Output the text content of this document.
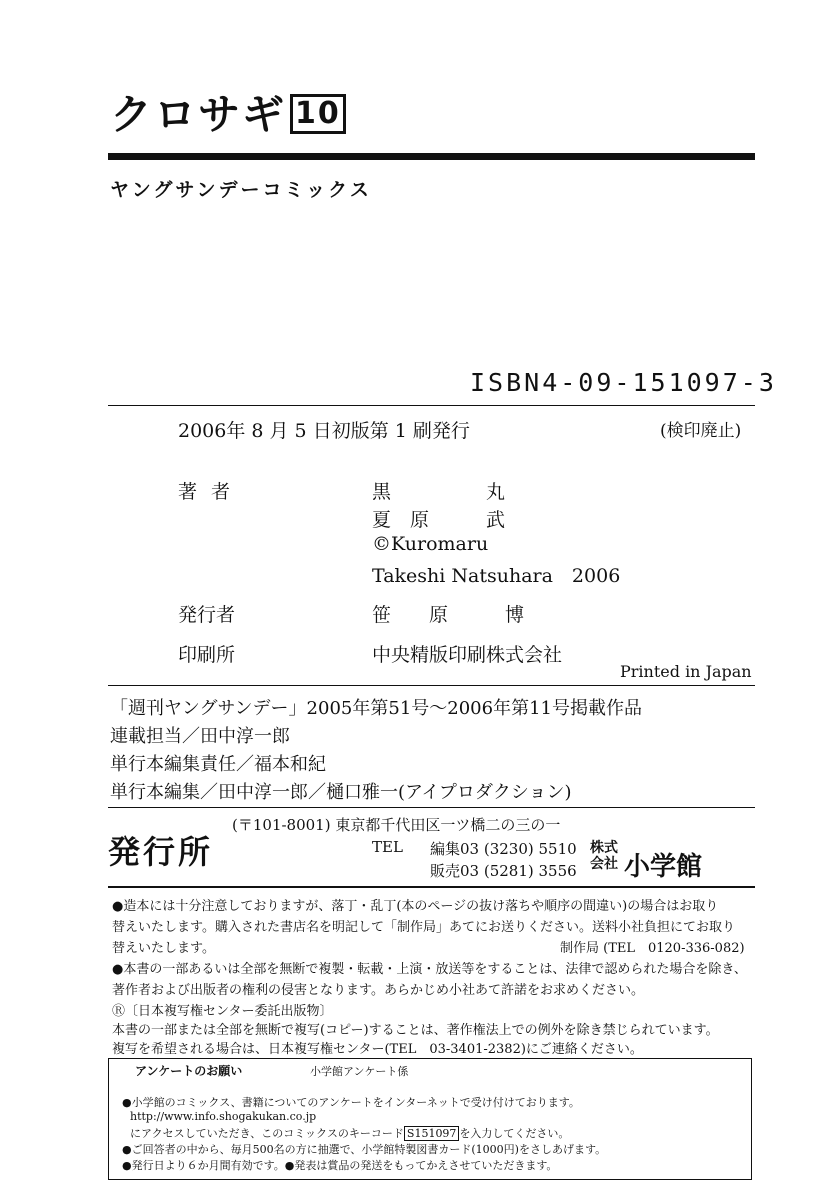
クロサギ 10
ヤングサンデーコミックス
ISBN4-09-151097-3
2006年 8 月 5 日初版第 1 刷発行	(検印廃止)
著者	黒　　　　　丸
夏　原　　　武
©Kuromaru
Takeshi Natsuhara　2006
発行者	笹　　原　　　博
印刷所	中央精版印刷株式会社
Printed in Japan
「週刊ヤングサンデー」2005年第51号～2006年第11号掲載作品
連載担当／田中淳一郎
単行本編集責任／福本和紀
単行本編集／田中淳一郎／樋口雅一(アイプロダクション)
発行所
(〒101-8001) 東京都千代田区一ツ橋二の三の一
TEL 編集03 (3230) 5510
販売03 (5281) 3556
株式会社 小学館
●造本には十分注意しておりますが、落丁・乱丁(本のページの抜け落ちや順序の間違い)の場合はお取り
替えいたします。購入された書店名を明記して「制作局」あてにお送りください。送料小社負担にてお取り
替えいたします。	制作局 (TEL　0120-336-082)
●本書の一部あるいは全部を無断で複製・転載・上演・放送等をすることは、法律で認められた場合を除き、
著作者および出版者の権利の侵害となります。あらかじめ小社あて許諾をお求めください。
Ⓡ〔日本複写権センター委託出版物〕
本書の一部または全部を無断で複写(コピー)することは、著作権法上での例外を除き禁じられています。
複写を希望される場合は、日本複写権センター(TEL　03-3401-2382)にご連絡ください。
アンケートのお願い	小学館アンケート係
●小学館のコミックス、書籍についてのアンケートをインターネットで受け付けております。
http://www.info.shogakukan.co.jp
にアクセスしていただき、このコミックスのキーコード S151097 を入力してください。
●ご回答者の中から、毎月500名の方に抽選で、小学館特製図書カード(1000円)をさしあげます。
●発行日より６か月間有効です。●発表は賞品の発送をもってかえさせていただきます。
